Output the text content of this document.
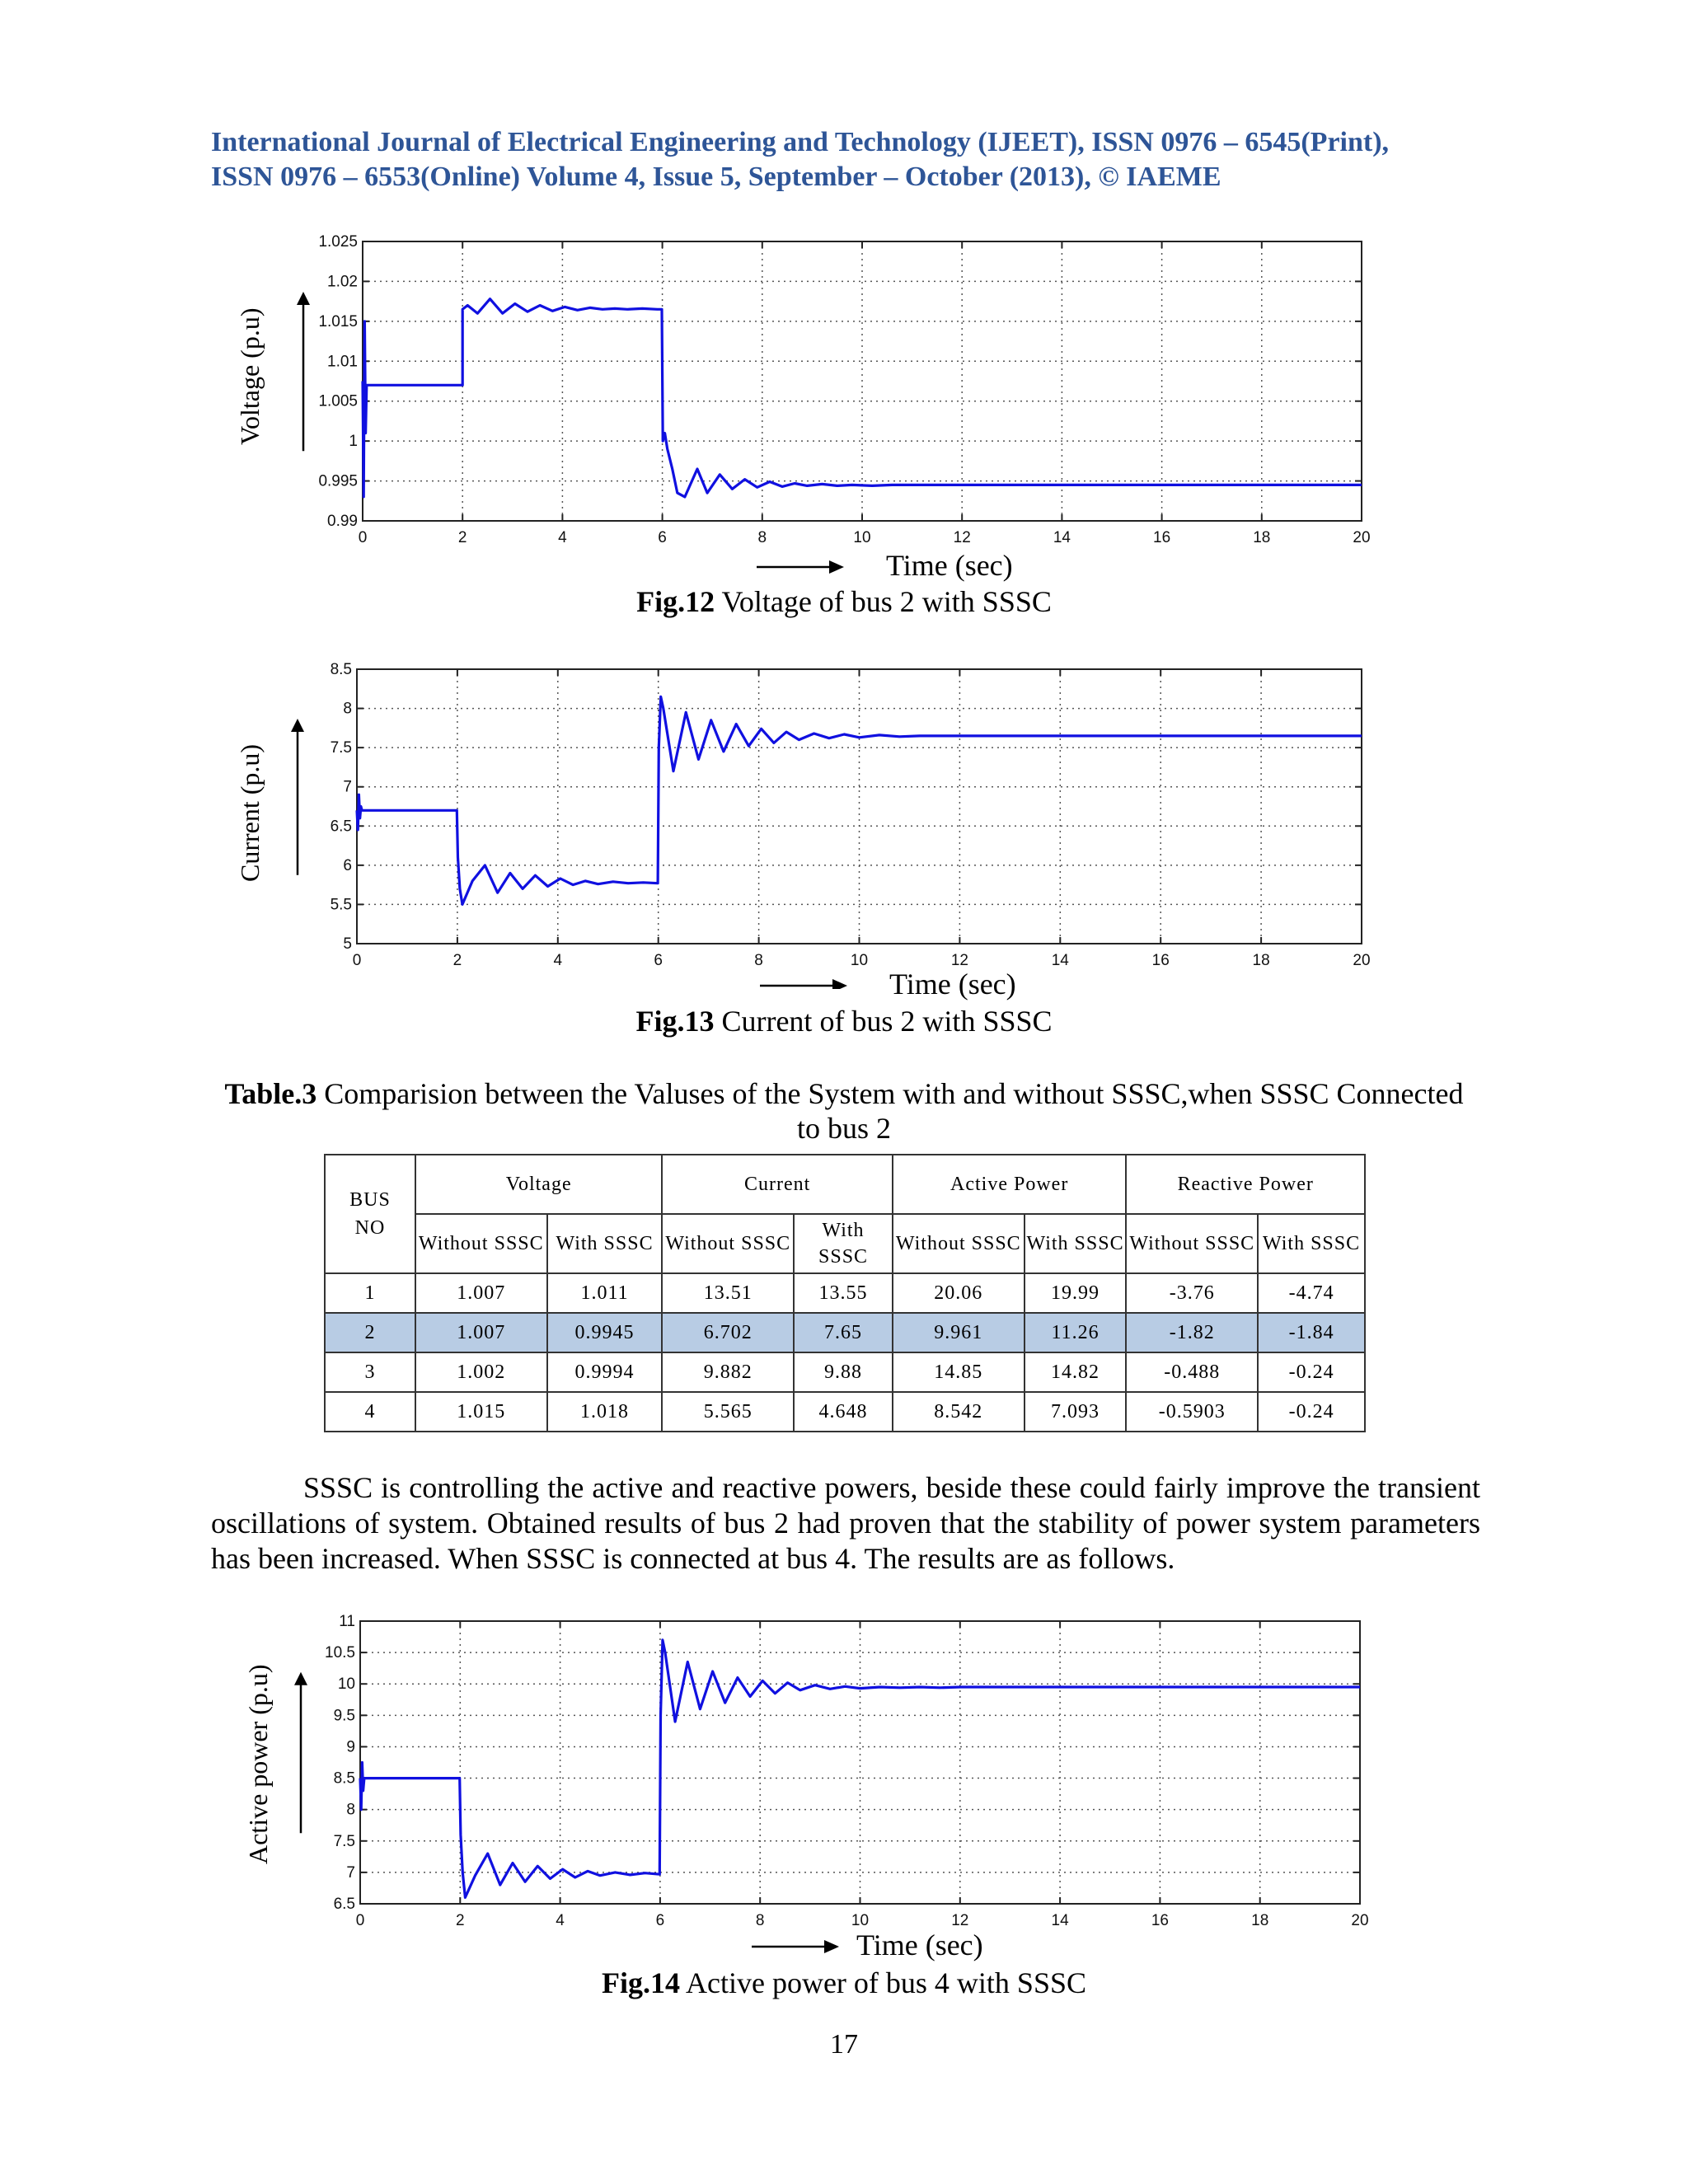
International Journal of Electrical Engineering and Technology (IJEET), ISSN 0976 – 6545(Print),
ISSN 0976 – 6553(Online) Volume 4, Issue 5, September – October (2013), © IAEME
Voltage (p.u)
0	2	4	6	8	10	12	14	16	18	20
0.99
0.995
1
1.005
1.01
1.015
1.02
1.025
Time (sec)
Fig.12 Voltage of bus 2 with SSSC
Current (p.u)
0	2	4	6	8	10	12	14	16	18	20
5
5.5
6
6.5
7
7.5
8
8.5
Time (sec)
Fig.13 Current of bus 2 with SSSC
Table.3 Comparision between the Valuses of the System with and without SSSC,when SSSC Connected to bus 2
BUS NO	Voltage		Current		Active Power		Reactive Power	
	Without SSSC	With SSSC	Without SSSC	With SSSC	Without SSSC	With SSSC	Without SSSC	With SSSC
1	1.007	1.011	13.51	13.55	20.06	19.99	-3.76	-4.74
2	1.007	0.9945	6.702	7.65	9.961	11.26	-1.82	-1.84
3	1.002	0.9994	9.882	9.88	14.85	14.82	-0.488	-0.24
4	1.015	1.018	5.565	4.648	8.542	7.093	-0.5903	-0.24
SSSC is controlling the active and reactive powers, beside these could fairly improve the transient oscillations of system. Obtained results of bus 2 had proven that the stability of power system parameters has been increased. When SSSC is connected at bus 4. The results are as follows.
Active power (p.u)
0	2	4	6	8	10	12	14	16	18	20
6.5
7
7.5
8
8.5
9
9.5
10
10.5
11
Time (sec)
Fig.14 Active power of bus 4 with SSSC
17
